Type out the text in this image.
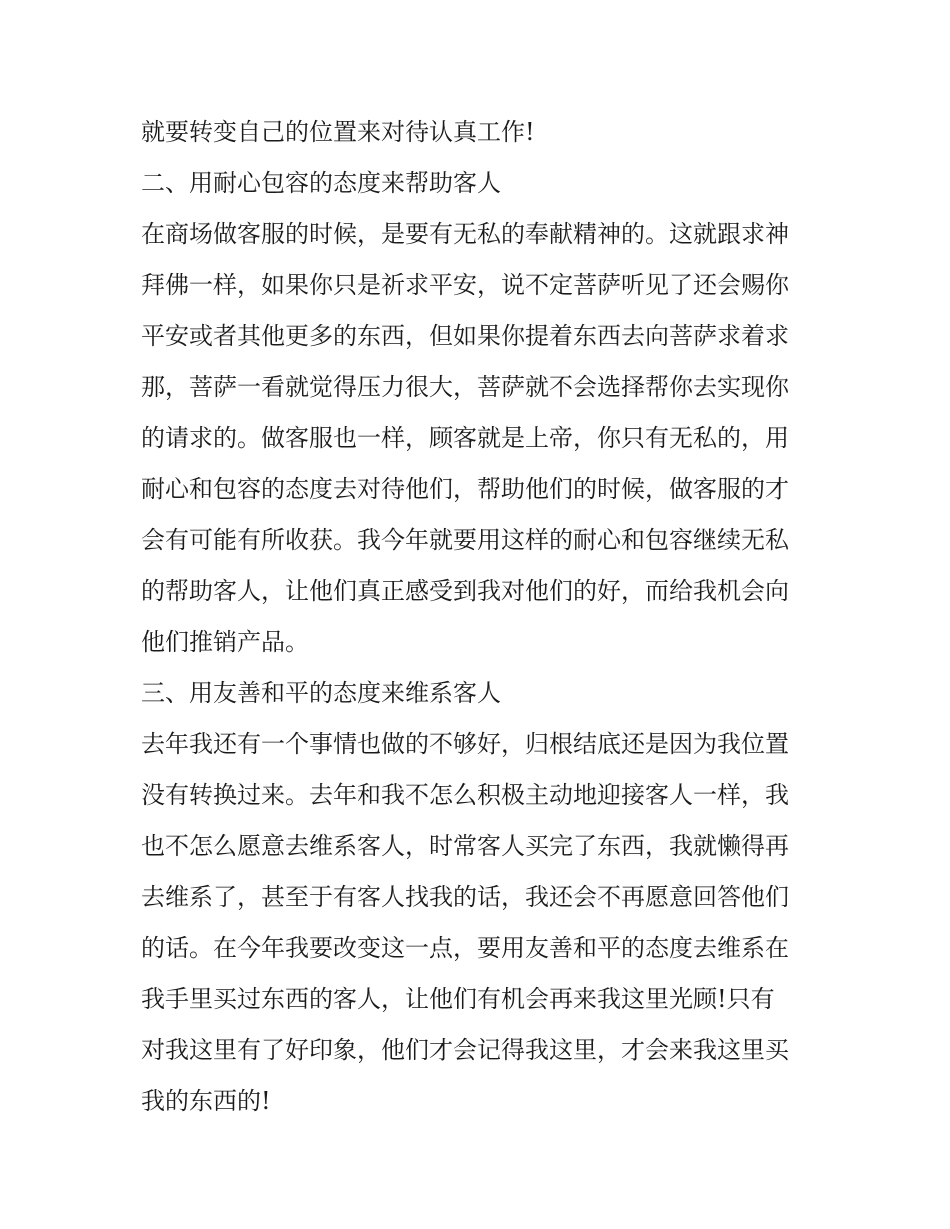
就要转变自己的位置来对待认真工作!
二、用耐心包容的态度来帮助客人
在商场做客服的时候，是要有无私的奉献精神的。这就跟求神
拜佛一样，如果你只是祈求平安，说不定菩萨听见了还会赐你
平安或者其他更多的东西，但如果你提着东西去向菩萨求着求
那，菩萨一看就觉得压力很大，菩萨就不会选择帮你去实现你
的请求的。做客服也一样，顾客就是上帝，你只有无私的，用
耐心和包容的态度去对待他们，帮助他们的时候，做客服的才
会有可能有所收获。我今年就要用这样的耐心和包容继续无私
的帮助客人，让他们真正感受到我对他们的好，而给我机会向
他们推销产品。
三、用友善和平的态度来维系客人
去年我还有一个事情也做的不够好，归根结底还是因为我位置
没有转换过来。去年和我不怎么积极主动地迎接客人一样，我
也不怎么愿意去维系客人，时常客人买完了东西，我就懒得再
去维系了，甚至于有客人找我的话，我还会不再愿意回答他们
的话。在今年我要改变这一点，要用友善和平的态度去维系在
我手里买过东西的客人，让他们有机会再来我这里光顾!只有
对我这里有了好印象，他们才会记得我这里，才会来我这里买
我的东西的!
